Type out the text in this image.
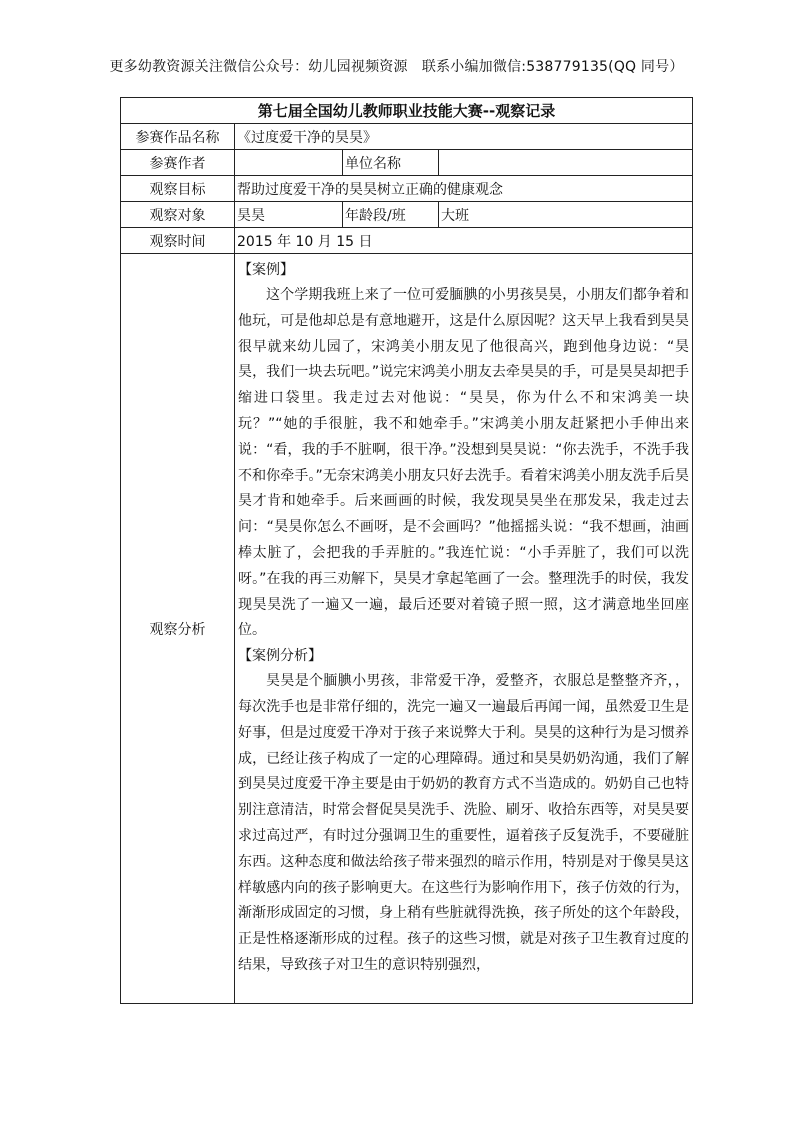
更多幼教资源关注微信公众号：幼儿园视频资源　联系小编加微信:538779135(QQ 同号）
第七届全国幼儿教师职业技能大赛--观察记录			
参赛作品名称	《过度爱干净的昊昊》		
参赛作者		单位名称	
观察目标	帮助过度爱干净的昊昊树立正确的健康观念		
观察对象	昊昊	年龄段/班	大班
观察时间	2015 年 10 月 15 日		
观察分析	【案例】

这个学期我班上来了一位可爱腼腆的小男孩昊昊，小朋友们都争着和他玩，可是他却总是有意地避开，这是什么原因呢？这天早上我看到昊昊很早就来幼儿园了，宋鸿美小朋友见了他很高兴，跑到他身边说：“昊昊，我们一块去玩吧。”说完宋鸿美小朋友去牵昊昊的手，可是昊昊却把手缩进口袋里。我走过去对他说：“昊昊，你为什么不和宋鸿美一块玩？”“她的手很脏，我不和她牵手。”宋鸿美小朋友赶紧把小手伸出来说：“看，我的手不脏啊，很干净。”没想到昊昊说：“你去洗手，不洗手我不和你牵手。”无奈宋鸿美小朋友只好去洗手。看着宋鸿美小朋友洗手后昊昊才肯和她牵手。后来画画的时候，我发现昊昊坐在那发呆，我走过去问：“昊昊你怎么不画呀，是不会画吗？”他摇摇头说：“我不想画，油画棒太脏了，会把我的手弄脏的。”我连忙说：“小手弄脏了，我们可以洗呀。”在我的再三劝解下，昊昊才拿起笔画了一会。整理洗手的时侯，我发现昊昊洗了一遍又一遍，最后还要对着镜子照一照，这才满意地坐回座位。

【案例分析】

昊昊是个腼腆小男孩，非常爱干净，爱整齐，衣服总是整整齐齐，，每次洗手也是非常仔细的，洗完一遍又一遍最后再闻一闻，虽然爱卫生是好事，但是过度爱干净对于孩子来说弊大于利。昊昊的这种行为是习惯养成，已经让孩子构成了一定的心理障碍。通过和昊昊奶奶沟通，我们了解到昊昊过度爱干净主要是由于奶奶的教育方式不当造成的。奶奶自己也特别注意清洁，时常会督促昊昊洗手、洗脸、刷牙、收拾东西等，对昊昊要求过高过严，有时过分强调卫生的重要性，逼着孩子反复洗手，不要碰脏东西。这种态度和做法给孩子带来强烈的暗示作用，特别是对于像昊昊这样敏感内向的孩子影响更大。在这些行为影响作用下，孩子仿效的行为，渐渐形成固定的习惯，身上稍有些脏就得洗换，孩子所处的这个年龄段，正是性格逐渐形成的过程。孩子的这些习惯，就是对孩子卫生教育过度的结果，导致孩子对卫生的意识特别强烈，		
